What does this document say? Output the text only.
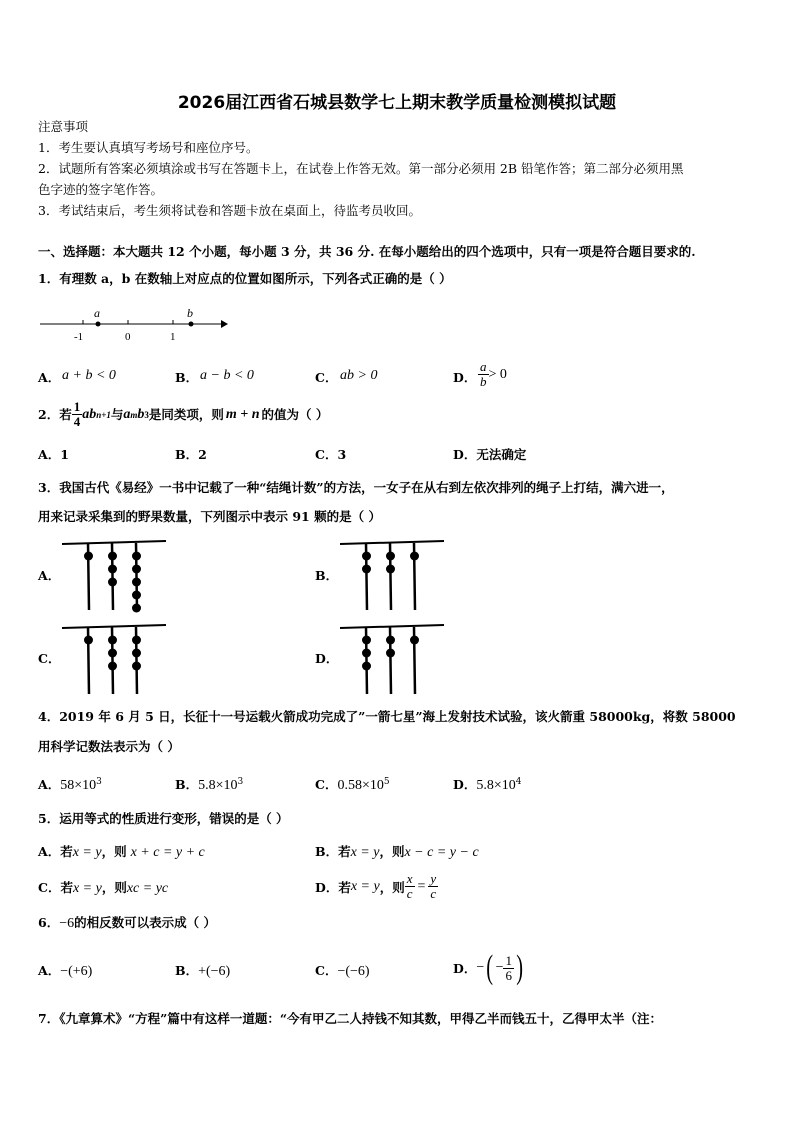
2026届江西省石城县数学七上期末教学质量检测模拟试题
注意事项
1．考生要认真填写考场号和座位序号。
2．试题所有答案必须填涂或书写在答题卡上，在试卷上作答无效。第一部分必须用 2B 铅笔作答；第二部分必须用黑
色字迹的签字笔作答。
3．考试结束后，考生须将试卷和答题卡放在桌面上，待监考员收回。
一、选择题：本大题共 12 个小题，每小题 3 分，共 36 分. 在每小题给出的四个选项中，只有一项是符合题目要求的.
1．有理数 a，b 在数轴上对应点的位置如图所示，下列各式正确的是（ ）
a	b
-1	0	1
A． a + b < 0	B． a − b < 0	C． ab > 0	D． $\frac{a}{b} > 0$
2．若 $\frac{1}{4}$ ab n+1 与 a m b 3 是同类项，则 m + n 的值为（ ）
A．1	B．2	C．3	D．无法确定
3．我国古代《易经》一书中记载了一种“结绳计数”的方法，一女子在从右到左依次排列的绳子上打结，满六进一，
用来记录采集到的野果数量，下列图示中表示 91 颗的是（ ）
A．	B．
C．	D．
4．2019 年 6 月 5 日，长征十一号运载火箭成功完成了”一箭七星”海上发射技术试验，该火箭重 58000kg，将数 58000
用科学记数法表示为（ ）
A．$58\times 10^3$	B．$5.8\times 10^3$	C．$0.58\times 10^5$	D．$5.8\times 10^4$
5．运用等式的性质进行变形，错误的是（ ）
A．若x = y，则 x + c = y + c	B．若x = y，则x − c = y − c
C．若x = y，则xc = yc	D．若 x = y ，则 $\frac{x}{c} = \frac{y}{c}$
6．−6的相反数可以表示成（ ）
A．−(+6)	B．+(−6)	C．−(−6)	D． − ( − $\frac{1}{6}$ )
7．《九章算术》“方程”篇中有这样一道题：“今有甲乙二人持钱不知其数，甲得乙半而钱五十，乙得甲太半（注：
